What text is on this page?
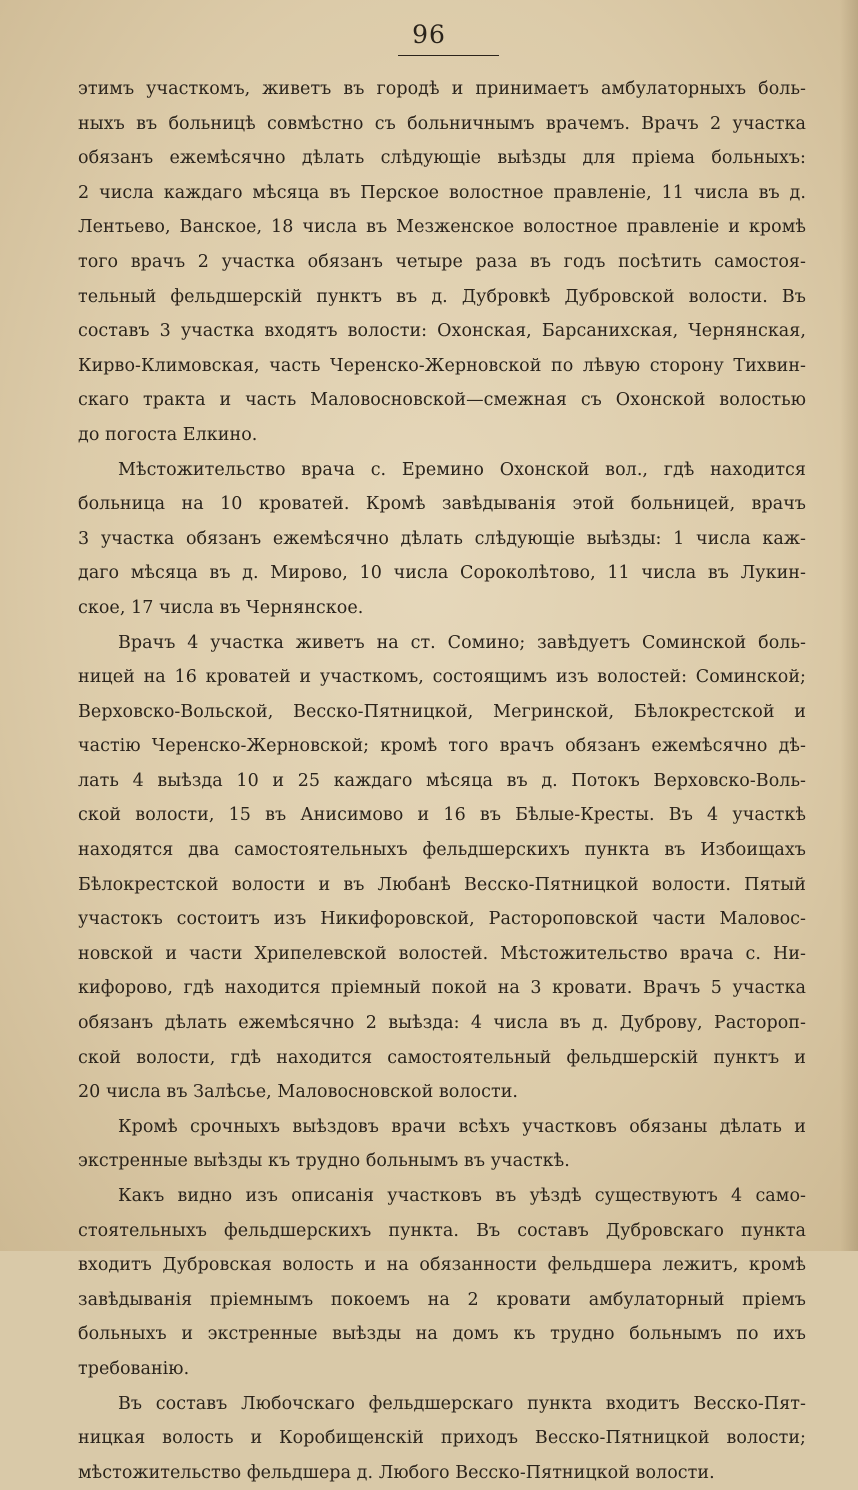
96
этимъ участкомъ, живетъ въ городѣ и принимаетъ амбулаторныхъ боль-
ныхъ въ больницѣ совмѣстно съ больничнымъ врачемъ. Врачъ 2 участка
обязанъ ежемѣсячно дѣлать слѣдующіе выѣзды для пріема больныхъ:
2 числа каждаго мѣсяца въ Перское волостное правленіе, 11 числа въ д.
Лентьево, Ванское, 18 числа въ Мезженское волостное правленіе и кромѣ
того врачъ 2 участка обязанъ четыре раза въ годъ посѣтить самостоя-
тельный фельдшерскій пунктъ въ д. Дубровкѣ Дубровской волости. Въ
составъ 3 участка входятъ волости: Охонская, Барсанихская, Чернянская,
Кирво-Климовская, часть Черенско-Жерновской по лѣвую сторону Тихвин-
скаго тракта и часть Маловосновской—смежная съ Охонской волостью
до погоста Елкино.
Мѣстожительство врача с. Еремино Охонской вол., гдѣ находится
больница на 10 кроватей. Кромѣ завѣдыванія этой больницей, врачъ
3 участка обязанъ ежемѣсячно дѣлать слѣдующіе выѣзды: 1 числа каж-
даго мѣсяца въ д. Мирово, 10 числа Сороколѣтово, 11 числа въ Лукин-
ское, 17 числа въ Чернянское.
Врачъ 4 участка живетъ на ст. Сомино; завѣдуетъ Соминской боль-
ницей на 16 кроватей и участкомъ, состоящимъ изъ волостей: Соминской;
Верховско-Вольской, Весско-Пятницкой, Мегринской, Бѣлокрестской и
частію Черенско-Жерновской; кромѣ того врачъ обязанъ ежемѣсячно дѣ-
лать 4 выѣзда 10 и 25 каждаго мѣсяца въ д. Потокъ Верховско-Воль-
ской волости, 15 въ Анисимово и 16 въ Бѣлые-Кресты. Въ 4 участкѣ
находятся два самостоятельныхъ фельдшерскихъ пункта въ Избоищахъ
Бѣлокрестской волости и въ Любанѣ Весско-Пятницкой волости. Пятый
участокъ состоитъ изъ Никифоровской, Растороповской части Маловос-
новской и части Хрипелевской волостей. Мѣстожительство врача с. Ни-
кифорово, гдѣ находится пріемный покой на 3 кровати. Врачъ 5 участка
обязанъ дѣлать ежемѣсячно 2 выѣзда: 4 числа въ д. Дуброву, Растороп-
ской волости, гдѣ находится самостоятельный фельдшерскій пунктъ и
20 числа въ Залѣсье, Маловосновской волости.
Кромѣ срочныхъ выѣздовъ врачи всѣхъ участковъ обязаны дѣлать и
экстренные выѣзды къ трудно больнымъ въ участкѣ.
Какъ видно изъ описанія участковъ въ уѣздѣ существуютъ 4 само-
стоятельныхъ фельдшерскихъ пункта. Въ составъ Дубровскаго пункта
входитъ Дубровская волость и на обязанности фельдшера лежитъ, кромѣ
завѣдыванія пріемнымъ покоемъ на 2 кровати амбулаторный пріемъ
больныхъ и экстренные выѣзды на домъ къ трудно больнымъ по ихъ
требованію.
Въ составъ Любочскаго фельдшерскаго пункта входитъ Весско-Пят-
ницкая волость и Коробищенскій приходъ Весско-Пятницкой волости;
мѣстожительство фельдшера д. Любого Весско-Пятницкой волости.
